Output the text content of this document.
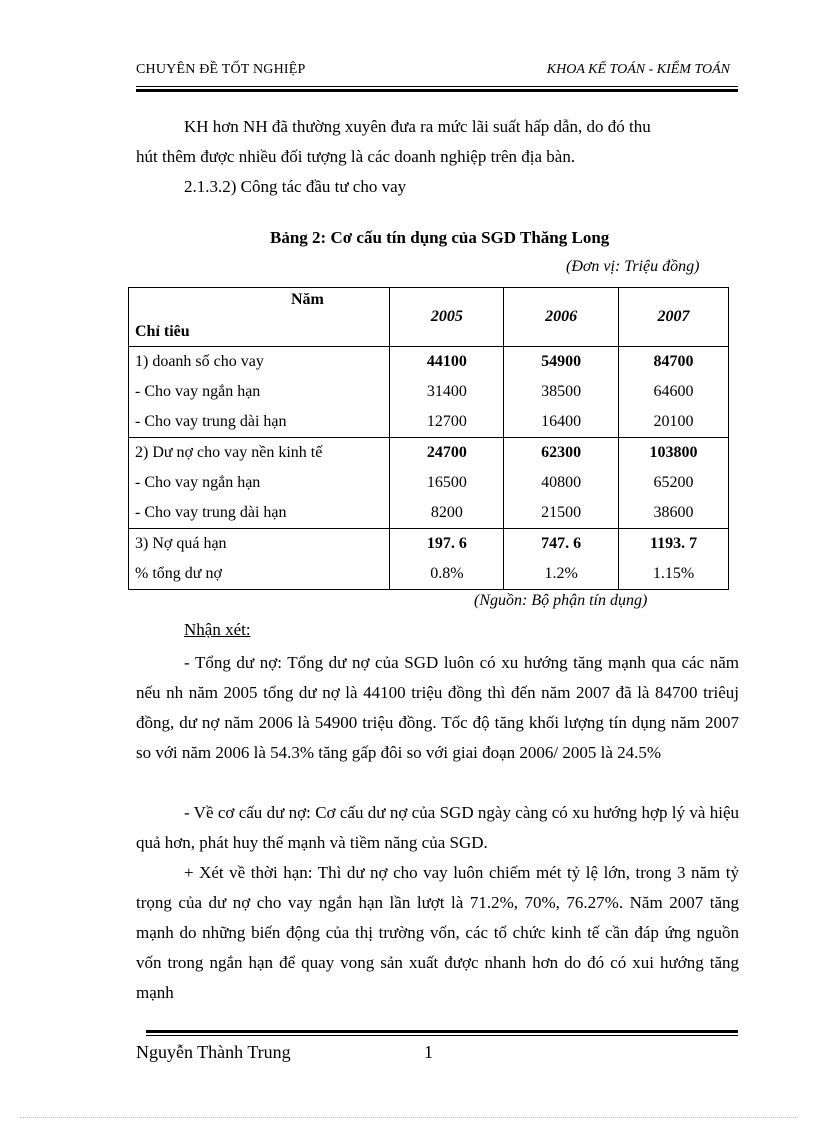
CHUYÊN ĐỀ TỐT NGHIỆP	KHOA KẾ TOÁN - KIỂM TOÁN
KH hơn NH đã thường xuyên đưa ra mức lãi suất hấp dẫn, do đó thu
hút thêm được nhiều đối tượng là các doanh nghiệp trên địa bàn.
2.1.3.2) Công tác đầu tư cho vay
Bảng 2: Cơ cấu tín dụng của SGD Thăng Long
(Đơn vị: Triệu đồng)
Năm
Chỉ tiêu	2005	2006	2007
1) doanh số cho vay	44100	54900	84700
- Cho vay ngắn hạn	31400	38500	64600
- Cho vay trung dài hạn	12700	16400	20100
2) Dư nợ cho vay nền kinh tế	24700	62300	103800
- Cho vay ngắn hạn	16500	40800	65200
- Cho vay trung dài hạn	8200	21500	38600
3) Nợ quá hạn	197. 6	747. 6	1193. 7
% tổng dư nợ	0.8%	1.2%	1.15%
(Nguồn: Bộ phận tín dụng)
Nhận xét:
- Tổng dư nợ: Tổng dư nợ của SGD luôn có xu hướng tăng mạnh qua các năm nếu nh năm 2005 tổng dư nợ là 44100 triệu đồng thì đến năm 2007 đã là 84700 triêuj đồng, dư nợ năm 2006 là 54900 triệu đồng. Tốc độ tăng khối lượng tín dụng năm 2007 so với năm 2006 là 54.3% tăng gấp đôi so với giai đoạn 2006/ 2005 là 24.5%
- Về cơ cấu dư nợ: Cơ cấu dư nợ của SGD ngày càng có xu hướng hợp lý và hiệu quả hơn, phát huy thế mạnh và tiềm năng của SGD.
+ Xét về thời hạn: Thì dư nợ cho vay luôn chiếm mét tỷ lệ lớn, trong 3 năm tỷ trọng của dư nợ cho vay ngắn hạn lần lượt là 71.2%, 70%, 76.27%. Năm 2007 tăng mạnh do những biến động của thị trường vốn, các tổ chức kinh tế cần đáp ứng nguồn vốn trong ngắn hạn để quay vong sản xuất được nhanh hơn do đó có xui hướng tăng mạnh
Nguyễn Thành Trung	1
